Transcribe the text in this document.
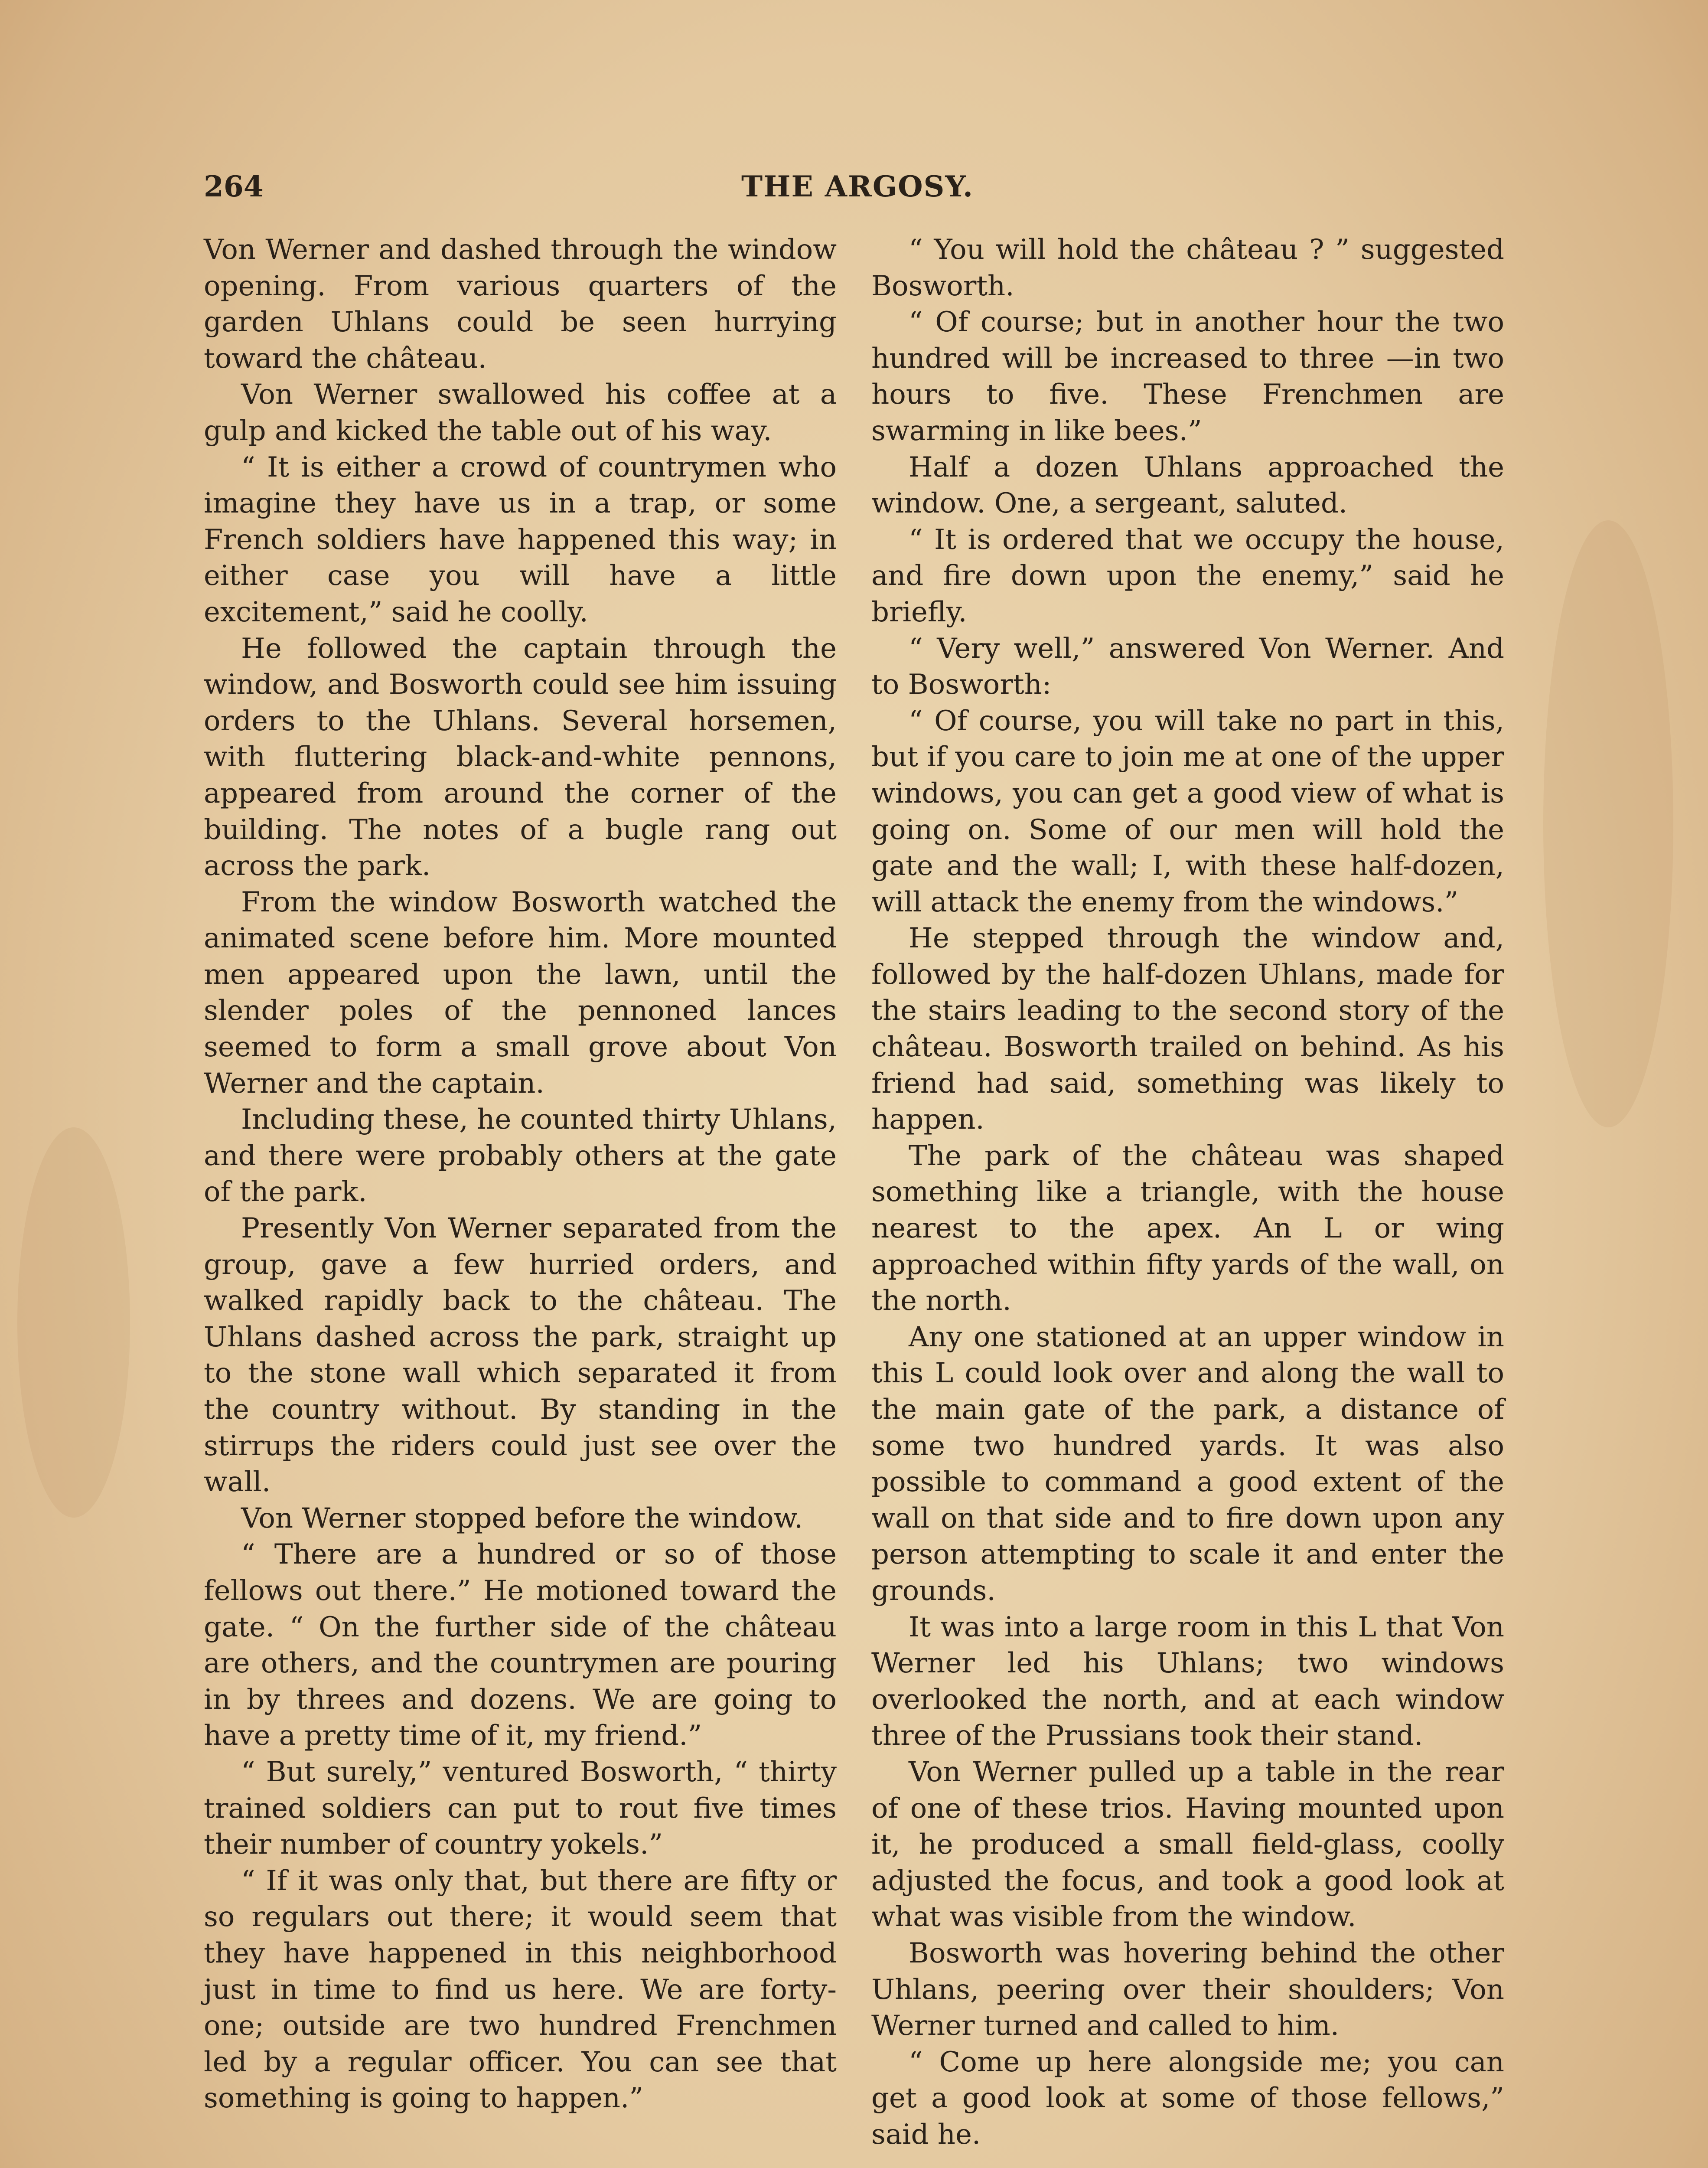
264	THE ARGOSY.

Von Werner and dashed through the window opening. From various quarters of the garden Uhlans could be seen hurrying toward the château.

Von Werner swallowed his coffee at a gulp and kicked the table out of his way.

“ It is either a crowd of countrymen who imagine they have us in a trap, or some French soldiers have happened this way; in either case you will have a little excitement,” said he coolly.

He followed the captain through the window, and Bosworth could see him issuing orders to the Uhlans. Several horsemen, with fluttering black-and-white pennons, appeared from around the corner of the building. The notes of a bugle rang out across the park.

From the window Bosworth watched the animated scene before him. More mounted men appeared upon the lawn, until the slender poles of the pennoned lances seemed to form a small grove about Von Werner and the captain.

Including these, he counted thirty Uhlans, and there were probably others at the gate of the park.

Presently Von Werner separated from the group, gave a few hurried orders, and walked rapidly back to the château. The Uhlans dashed across the park, straight up to the stone wall which separated it from the country without. By standing in the stirrups the riders could just see over the wall.

Von Werner stopped before the window.

“ There are a hundred or so of those fellows out there.” He motioned toward the gate. “ On the further side of the château are others, and the countrymen are pouring in by threes and dozens. We are going to have a pretty time of it, my friend.”

“ But surely,” ventured Bosworth, “ thirty trained soldiers can put to rout five times their number of country yokels.”

“ If it was only that, but there are fifty or so regulars out there; it would seem that they have happened in this neighborhood just in time to find us here. We are forty-one; outside are two hundred Frenchmen led by a regular officer. You can see that something is going to happen.”

“ You will hold the château ? ” suggested Bosworth.

“ Of course; but in another hour the two hundred will be increased to three —in two hours to five. These Frenchmen are swarming in like bees.”

Half a dozen Uhlans approached the window. One, a sergeant, saluted.

“ It is ordered that we occupy the house, and fire down upon the enemy,” said he briefly.

“ Very well,” answered Von Werner. And to Bosworth:

“ Of course, you will take no part in this, but if you care to join me at one of the upper windows, you can get a good view of what is going on. Some of our men will hold the gate and the wall; I, with these half-dozen, will attack the enemy from the windows.”

He stepped through the window and, followed by the half-dozen Uhlans, made for the stairs leading to the second story of the château. Bosworth trailed on behind. As his friend had said, something was likely to happen.

The park of the château was shaped something like a triangle, with the house nearest to the apex. An L or wing approached within fifty yards of the wall, on the north.

Any one stationed at an upper window in this L could look over and along the wall to the main gate of the park, a distance of some two hundred yards. It was also possible to command a good extent of the wall on that side and to fire down upon any person attempting to scale it and enter the grounds.

It was into a large room in this L that Von Werner led his Uhlans; two windows overlooked the north, and at each window three of the Prussians took their stand.

Von Werner pulled up a table in the rear of one of these trios. Having mounted upon it, he produced a small field-glass, coolly adjusted the focus, and took a good look at what was visible from the window.

Bosworth was hovering behind the other Uhlans, peering over their shoulders; Von Werner turned and called to him.

“ Come up here alongside me; you can get a good look at some of those fellows,” said he.
